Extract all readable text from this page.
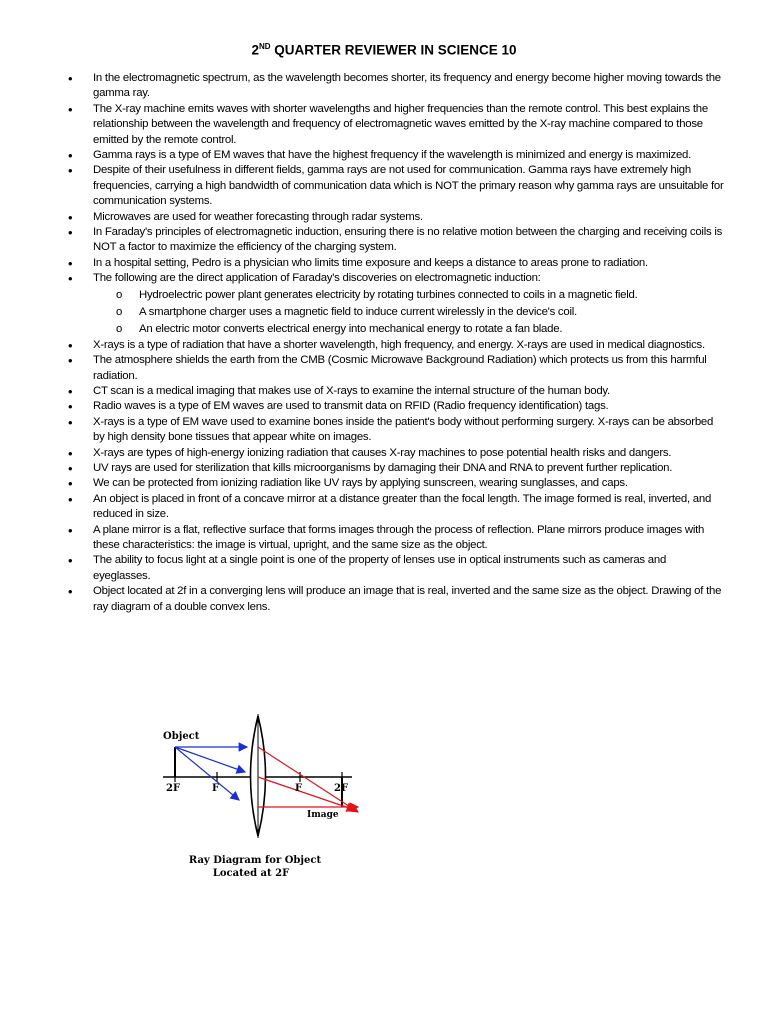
2ND QUARTER REVIEWER IN SCIENCE 10
• In the electromagnetic spectrum, as the wavelength becomes shorter, its frequency and energy become higher moving towards the gamma ray.
• The X-ray machine emits waves with shorter wavelengths and higher frequencies than the remote control. This best explains the relationship between the wavelength and frequency of electromagnetic waves emitted by the X-ray machine compared to those emitted by the remote control.
• Gamma rays is a type of EM waves that have the highest frequency if the wavelength is minimized and energy is maximized.
• Despite of their usefulness in different fields, gamma rays are not used for communication. Gamma rays have extremely high frequencies, carrying a high bandwidth of communication data which is NOT the primary reason why gamma rays are unsuitable for communication systems.
• Microwaves are used for weather forecasting through radar systems.
• In Faraday's principles of electromagnetic induction, ensuring there is no relative motion between the charging and receiving coils is NOT a factor to maximize the efficiency of the charging system.
• In a hospital setting, Pedro is a physician who limits time exposure and keeps a distance to areas prone to radiation.
• The following are the direct application of Faraday's discoveries on electromagnetic induction:
o Hydroelectric power plant generates electricity by rotating turbines connected to coils in a magnetic field.
o A smartphone charger uses a magnetic field to induce current wirelessly in the device's coil.
o An electric motor converts electrical energy into mechanical energy to rotate a fan blade.
• X-rays is a type of radiation that have a shorter wavelength, high frequency, and energy. X-rays are used in medical diagnostics.
• The atmosphere shields the earth from the CMB (Cosmic Microwave Background Radiation) which protects us from this harmful radiation.
• CT scan is a medical imaging that makes use of X-rays to examine the internal structure of the human body.
• Radio waves is a type of EM waves are used to transmit data on RFID (Radio frequency identification) tags.
• X-rays is a type of EM wave used to examine bones inside the patient's body without performing surgery. X-rays can be absorbed by high density bone tissues that appear white on images.
• X-rays are types of high-energy ionizing radiation that causes X-ray machines to pose potential health risks and dangers.
• UV rays are used for sterilization that kills microorganisms by damaging their DNA and RNA to prevent further replication.
• We can be protected from ionizing radiation like UV rays by applying sunscreen, wearing sunglasses, and caps.
• An object is placed in front of a concave mirror at a distance greater than the focal length. The image formed is real, inverted, and reduced in size.
• A plane mirror is a flat, reflective surface that forms images through the process of reflection. Plane mirrors produce images with these characteristics: the image is virtual, upright, and the same size as the object.
• The ability to focus light at a single point is one of the property of lenses use in optical instruments such as cameras and eyeglasses.
• Object located at 2f in a converging lens will produce an image that is real, inverted and the same size as the object. Drawing of the ray diagram of a double convex lens.
Object
2F	F	F	2F
Image
Ray Diagram for Object
Located at 2F
